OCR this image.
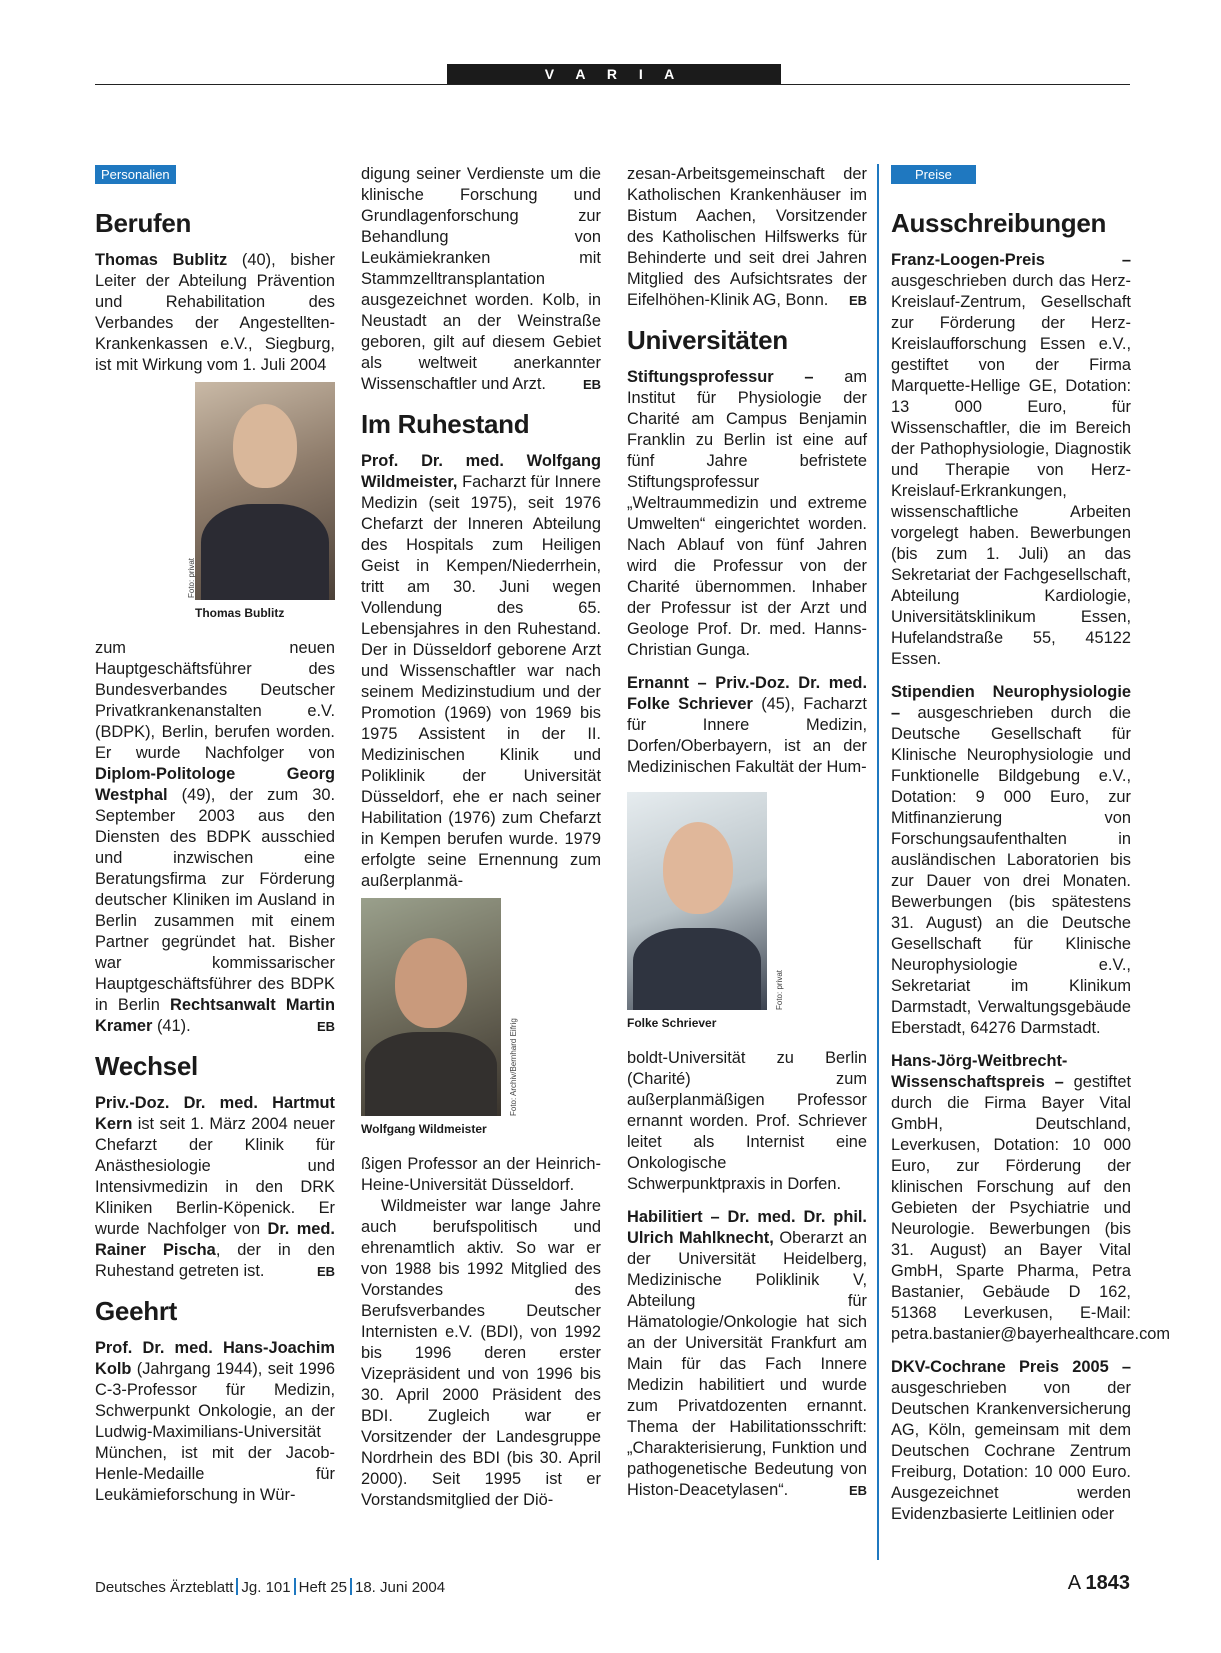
V A R I A
Personalien
Berufen

Thomas Bublitz (40), bisher Leiter der Abteilung Prävention und Rehabilitation des Verbandes der Angestellten-Krankenkassen e.V., Siegburg, ist mit Wirkung vom 1. Juli 2004

Foto: privat
Thomas Bublitz

zum neuen Hauptgeschäftsführer des Bundesverbandes Deutscher Privatkrankenanstalten e.V. (BDPK), Berlin, berufen worden. Er wurde Nachfolger von Diplom-Politologe Georg Westphal (49), der zum 30. September 2003 aus den Diensten des BDPK ausschied und inzwischen eine Beratungsfirma zur Förderung deutscher Kliniken im Ausland in Berlin zusammen mit einem Partner gegründet hat. Bisher war kommissarischer Hauptgeschäftsführer des BDPK in Berlin Rechtsanwalt Martin Kramer (41).	EB

Wechsel

Priv.-Doz. Dr. med. Hartmut Kern ist seit 1. März 2004 neuer Chefarzt der Klinik für Anästhesiologie und Intensivmedizin in den DRK Kliniken Berlin-Köpenick. Er wurde Nachfolger von Dr. med. Rainer Pischa, der in den Ruhestand getreten ist.	EB

Geehrt

Prof. Dr. med. Hans-Joachim Kolb (Jahrgang 1944), seit 1996 C-3-Professor für Medizin, Schwerpunkt Onkologie, an der Ludwig-Maximilians-Universität München, ist mit der Jacob-Henle-Medaille für Leukämieforschung in Wür-

digung seiner Verdienste um die klinische Forschung und Grundlagenforschung zur Behandlung von Leukämiekranken mit Stammzelltransplantation ausgezeichnet worden. Kolb, in Neustadt an der Weinstraße geboren, gilt auf diesem Gebiet als weltweit anerkannter Wissenschaftler und Arzt.	EB

Im Ruhestand

Prof. Dr. med. Wolfgang Wildmeister, Facharzt für Innere Medizin (seit 1975), seit 1976 Chefarzt der Inneren Abteilung des Hospitals zum Heiligen Geist in Kempen/Niederrhein, tritt am 30. Juni wegen Vollendung des 65. Lebensjahres in den Ruhestand. Der in Düsseldorf geborene Arzt und Wissenschaftler war nach seinem Medizinstudium und der Promotion (1969) von 1969 bis 1975 Assistent in der II. Medizinischen Klinik und Poliklinik der Universität Düsseldorf, ehe er nach seiner Habilitation (1976) zum Chefarzt in Kempen berufen wurde. 1979 erfolgte seine Ernennung zum außerplanmä-

Foto: Archiv/Bernhard Eifrig
Wolfgang Wildmeister

ßigen Professor an der Heinrich-Heine-Universität Düsseldorf.

Wildmeister war lange Jahre auch berufspolitisch und ehrenamtlich aktiv. So war er von 1988 bis 1992 Mitglied des Vorstandes des Berufsverbandes Deutscher Internisten e.V. (BDI), von 1992 bis 1996 deren erster Vizepräsident und von 1996 bis 30. April 2000 Präsident des BDI. Zugleich war er Vorsitzender der Landesgruppe Nordrhein des BDI (bis 30. April 2000). Seit 1995 ist er Vorstandsmitglied der Diö-

zesan-Arbeitsgemeinschaft der Katholischen Krankenhäuser im Bistum Aachen, Vorsitzender des Katholischen Hilfswerks für Behinderte und seit drei Jahren Mitglied des Aufsichtsrates der Eifelhöhen-Klinik AG, Bonn. EB

Universitäten

Stiftungsprofessur – am Institut für Physiologie der Charité am Campus Benjamin Franklin zu Berlin ist eine auf fünf Jahre befristete Stiftungsprofessur „Weltraummedizin und extreme Umwelten“ eingerichtet worden. Nach Ablauf von fünf Jahren wird die Professur von der Charité übernommen. Inhaber der Professur ist der Arzt und Geologe Prof. Dr. med. Hanns-Christian Gunga.

Ernannt – Priv.-Doz. Dr. med. Folke Schriever (45), Facharzt für Innere Medizin, Dorfen/Oberbayern, ist an der Medizinischen Fakultät der Hum-

Foto: privat
Folke Schriever

boldt-Universität zu Berlin (Charité) zum außerplanmäßigen Professor ernannt worden. Prof. Schriever leitet als Internist eine Onkologische Schwerpunktpraxis in Dorfen.

Habilitiert – Dr. med. Dr. phil. Ulrich Mahlknecht, Oberarzt an der Universität Heidelberg, Medizinische Poliklinik V, Abteilung für Hämatologie/Onkologie hat sich an der Universität Frankfurt am Main für das Fach Innere Medizin habilitiert und wurde zum Privatdozenten ernannt. Thema der Habilitationsschrift: „Charakterisierung, Funktion und pathogenetische Bedeutung von Histon-Deacetylasen“.	EB

Preise
Ausschreibungen

Franz-Loogen-Preis – ausgeschrieben durch das Herz-Kreislauf-Zentrum, Gesellschaft zur Förderung der Herz-Kreislaufforschung Essen e.V., gestiftet von der Firma Marquette-Hellige GE, Dotation: 13 000 Euro, für Wissenschaftler, die im Bereich der Pathophysiologie, Diagnostik und Therapie von Herz-Kreislauf-Erkrankungen, wissenschaftliche Arbeiten vorgelegt haben. Bewerbungen (bis zum 1. Juli) an das Sekretariat der Fachgesellschaft, Abteilung Kardiologie, Universitätsklinikum Essen, Hufelandstraße 55, 45122 Essen.

Stipendien Neurophysiologie – ausgeschrieben durch die Deutsche Gesellschaft für Klinische Neurophysiologie und Funktionelle Bildgebung e.V., Dotation: 9 000 Euro, zur Mitfinanzierung von Forschungsaufenthalten in ausländischen Laboratorien bis zur Dauer von drei Monaten. Bewerbungen (bis spätestens 31. August) an die Deutsche Gesellschaft für Klinische Neurophysiologie e.V., Sekretariat im Klinikum Darmstadt, Verwaltungsgebäude Eberstadt, 64276 Darmstadt.

Hans-Jörg-Weitbrecht-Wissenschaftspreis – gestiftet durch die Firma Bayer Vital GmbH, Deutschland, Leverkusen, Dotation: 10 000 Euro, zur Förderung der klinischen Forschung auf den Gebieten der Psychiatrie und Neurologie. Bewerbungen (bis 31. August) an Bayer Vital GmbH, Sparte Pharma, Petra Bastanier, Gebäude D 162, 51368 Leverkusen, E-Mail: petra.bastanier@bayerhealthcare.com

DKV-Cochrane Preis 2005 – ausgeschrieben von der Deutschen Krankenversicherung AG, Köln, gemeinsam mit dem Deutschen Cochrane Zentrum Freiburg, Dotation: 10 000 Euro. Ausgezeichnet werden Evidenzbasierte Leitlinien oder

Deutsches Ärzteblatt Jg. 101 Heft 25 18. Juni 2004	A 1843
